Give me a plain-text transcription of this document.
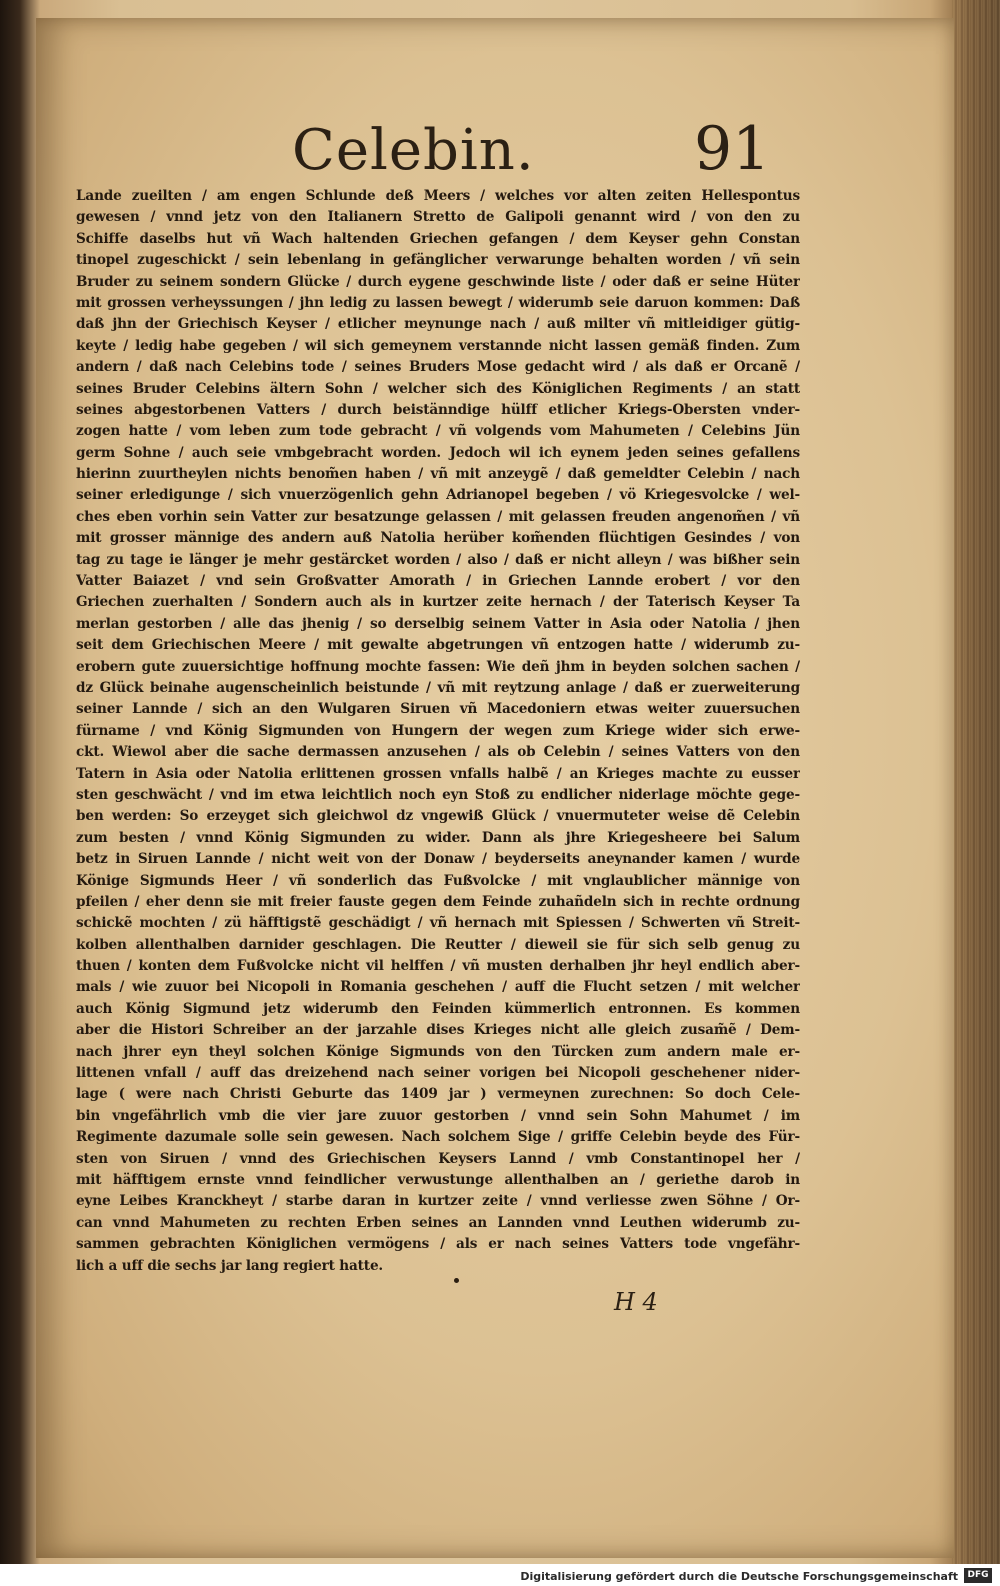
Celebin.	91
Lande zueilten / am engen Schlunde deß Meers / welches vor alten zeiten Hellespontus
gewesen / vnnd jetz von den Italianern Stretto de Galipoli genannt wird / von den zu
Schiffe daselbs hut vñ Wach haltenden Griechen gefangen / dem Keyser gehn Constan
tinopel zugeschickt / sein lebenlang in gefänglicher verwarunge behalten worden / vñ sein
Bruder zu seinem sondern Glücke / durch eygene geschwinde liste / oder daß er seine Hüter
mit grossen verheyssungen / jhn ledig zu lassen bewegt / widerumb seie daruon kommen: Daß
daß jhn der Griechisch Keyser / etlicher meynunge nach / auß milter vñ mitleidiger gütig-
keyte / ledig habe gegeben / wil sich gemeynem verstannde nicht lassen gemäß finden. Zum
andern / daß nach Celebins tode / seines Bruders Mose gedacht wird / als daß er Orcanẽ /
seines Bruder Celebins ältern Sohn / welcher sich des Königlichen Regiments / an statt
seines abgestorbenen Vatters / durch beistänndige hülff etlicher Kriegs-Obersten vnder-
zogen hatte / vom leben zum tode gebracht / vñ volgends vom Mahumeten / Celebins Jün
germ Sohne / auch seie vmbgebracht worden. Jedoch wil ich eynem jeden seines gefallens
hierinn zuurtheylen nichts benom̃en haben / vñ mit anzeygẽ / daß gemeldter Celebin / nach
seiner erledigunge / sich vnuerzögenlich gehn Adrianopel begeben / vö Kriegesvolcke / wel-
ches eben vorhin sein Vatter zur besatzunge gelassen / mit gelassen freuden angenom̃en / vñ
mit grosser männige des andern auß Natolia herüber kom̃enden flüchtigen Gesindes / von
tag zu tage ie länger je mehr gestärcket worden / also / daß er nicht alleyn / was bißher sein
Vatter Baiazet / vnd sein Großvatter Amorath / in Griechen Lannde erobert / vor den
Griechen zuerhalten / Sondern auch als in kurtzer zeite hernach / der Taterisch Keyser Ta
merlan gestorben / alle das jhenig / so derselbig seinem Vatter in Asia oder Natolia / jhen
seit dem Griechischen Meere / mit gewalte abgetrungen vñ entzogen hatte / widerumb zu-
erobern gute zuuersichtige hoffnung mochte fassen: Wie deñ jhm in beyden solchen sachen /
dz Glück beinahe augenscheinlich beistunde / vñ mit reytzung anlage / daß er zuerweiterung
seiner Lannde / sich an den Wulgaren Siruen vñ Macedoniern etwas weiter zuuersuchen
fürname / vnd König Sigmunden von Hungern der wegen zum Kriege wider sich erwe-
ckt. Wiewol aber die sache dermassen anzusehen / als ob Celebin / seines Vatters von den
Tatern in Asia oder Natolia erlittenen grossen vnfalls halbẽ / an Krieges machte zu eusser
sten geschwächt / vnd im etwa leichtlich noch eyn Stoß zu endlicher niderlage möchte gege-
ben werden: So erzeyget sich gleichwol dz vngewiß Glück / vnuermuteter weise dẽ Celebin
zum besten / vnnd König Sigmunden zu wider. Dann als jhre Kriegesheere bei Salum
betz in Siruen Lannde / nicht weit von der Donaw / beyderseits aneynander kamen / wurde
Könige Sigmunds Heer / vñ sonderlich das Fußvolcke / mit vnglaublicher männige von
pfeilen / eher denn sie mit freier fauste gegen dem Feinde zuhañdeln sich in rechte ordnung
schickẽ mochten / zü häfftigstẽ geschädigt / vñ hernach mit Spiessen / Schwerten vñ Streit-
kolben allenthalben darnider geschlagen. Die Reutter / dieweil sie für sich selb genug zu
thuen / konten dem Fußvolcke nicht vil helffen / vñ musten derhalben jhr heyl endlich aber-
mals / wie zuuor bei Nicopoli in Romania geschehen / auff die Flucht setzen / mit welcher
auch König Sigmund jetz widerumb den Feinden kümmerlich entronnen. Es kommen
aber die Histori Schreiber an der jarzahle dises Krieges nicht alle gleich zusam̃ẽ / Dem-
nach jhrer eyn theyl solchen Könige Sigmunds von den Türcken zum andern male er-
littenen vnfall / auff das dreizehend nach seiner vorigen bei Nicopoli geschehener nider-
lage ( were nach Christi Geburte das 1409 jar ) vermeynen zurechnen: So doch Cele-
bin vngefährlich vmb die vier jare zuuor gestorben / vnnd sein Sohn Mahumet / im
Regimente dazumale solle sein gewesen. Nach solchem Sige / griffe Celebin beyde des Für-
sten von Siruen / vnnd des Griechischen Keysers Lannd / vmb Constantinopel her /
mit häfftigem ernste vnnd feindlicher verwustunge allenthalben an / geriethe darob in
eyne Leibes Kranckheyt / starbe daran in kurtzer zeite / vnnd verliesse zwen Söhne / Or-
can vnnd Mahumeten zu rechten Erben seines an Lannden vnnd Leuthen widerumb zu-
sammen gebrachten Königlichen vermögens / als er nach seines Vatters tode vngefähr-
lich a uff die sechs jar lang regiert hatte.
H 4
Digitalisierung gefördert durch die Deutsche Forschungsgemeinschaft	DFG
